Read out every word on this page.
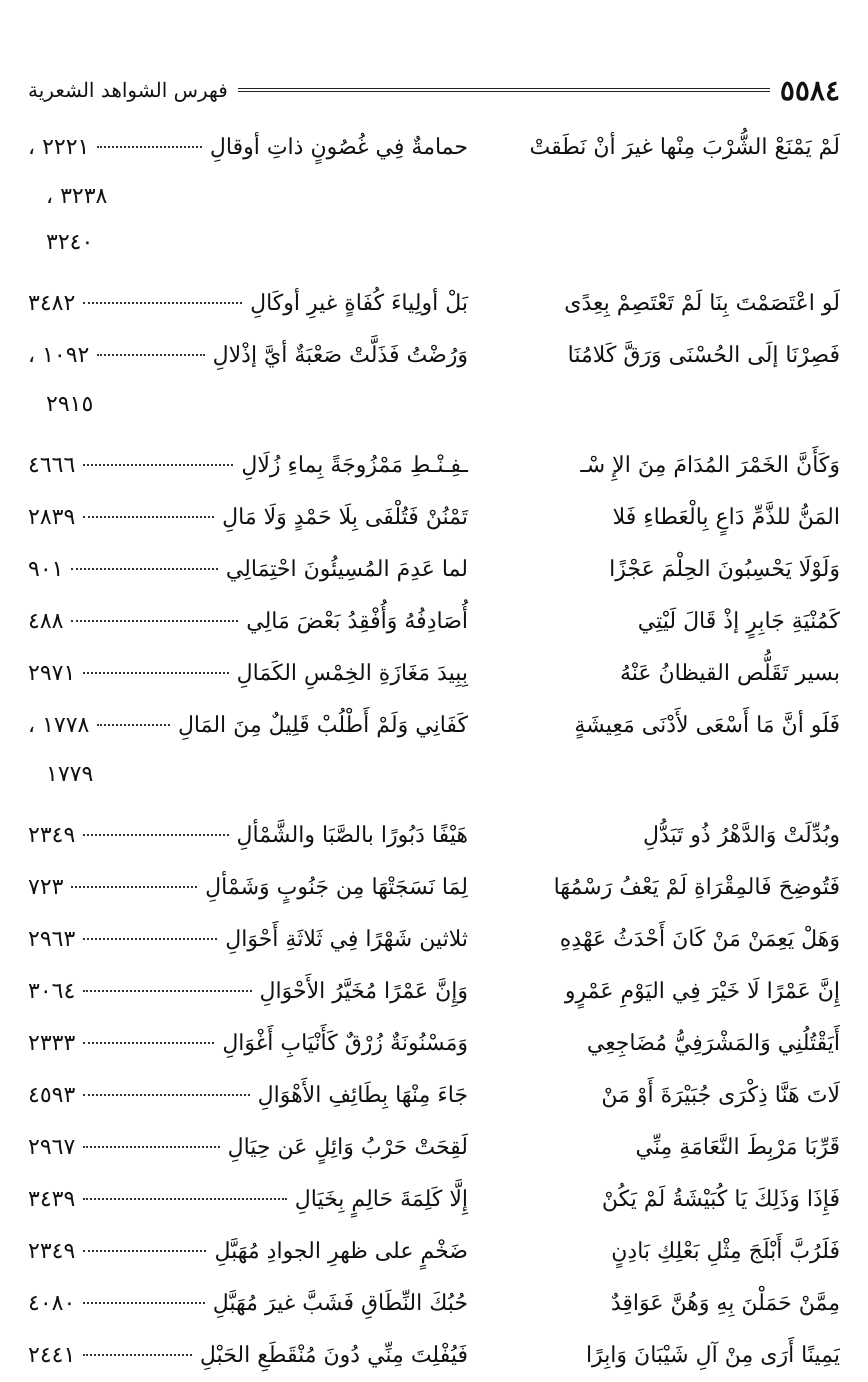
٥٥٨٤
فهرس الشواهد الشعرية
لَمْ يَمْنَعْ الشُّرْبَ مِنْها غيرَ أنْ نَطَقتْ
حمامةٌ فِي غُصُونٍ ذاتِ أوقالِ
٢٢٢١ ،
٣٢٣٨ ،
٣٢٤٠
لَو اعْتَصَمْتَ بِنَا لَمْ تَعْتَصِمْ بِعِدًى
بَلْ أولِياءَ كُفَاةٍ غيرِ أوكَالِ
٣٤٨٢
فَصِرْنَا إلَى الحُسْنَى وَرَقَّ كَلامُنَا
وَرُضْتُ فَذَلَّتْ صَعْبَةٌ أيَّ إذْلالِ
١٠٩٢ ،
٢٩١٥
وَكَأَنَّ الخَمْرَ المُدَامَ مِنَ الإِ سْـ
ـفِـنْـطِ مَمْزُوجَةً بِماءِ زُلَالِ
٤٦٦٦
المَنُّ للذَّمِّ دَاعٍ بِالْعَطاءِ فَلا
تَمْنُنْ فَتُلْفَى بِلَا حَمْدٍ وَلَا مَالِ
٢٨٣٩
وَلَوْلَا يَحْسِبُونَ الحِلْمَ عَجْزًا
لما عَدِمَ المُسِيئُونَ احْتِمَالِي
٩٠١
كَمُنْيَةِ جَابِرٍ إذْ قَالَ لَيْتِي
أُصَادِفُهُ وَأُفْقِدُ بَعْضَ مَالِي
٤٨٨
بسير تَقَلُّص القيظانُ عَنْهُ
بِبِيدَ مَغَازَةِ الخِمْسِ الكَمَالِ
٢٩٧١
فَلَو أنَّ مَا أَسْعَى لأَدْنَى مَعِيشَةٍ
كَفَانِي وَلَمْ أَطْلُبْ قَلِيلٌ مِنَ المَالِ
١٧٧٨ ،
١٧٧٩
وبُدِّلَتْ وَالدَّهْرُ ذُو تَبَدُّلِ
هَيْفًا دَبُورًا بالصَّبَا والشَّمْألِ
٢٣٤٩
فَتُوضِحَ فَالمِقْرَاةِ لَمْ يَعْفُ رَسْمُهَا
لِمَا نَسَجَتْهَا مِن جَنُوبٍ وَشَمْألِ
٧٢٣
وَهَلْ يَعِمَنْ مَنْ كَانَ أَحْدَثُ عَهْدِهِ
ثلاثين شَهْرًا فِي ثَلاثَةِ أَحْوَالِ
٢٩٦٣
إِنَّ عَمْرًا لَا خَيْرَ فِي اليَوْمِ عَمْرٍو
وَإِنَّ عَمْرًا مُخَيَّرُ الأَحْوَالِ
٣٠٦٤
أَيَقْتُلُنِي وَالمَشْرَفِيُّ مُضَاجِعِي
وَمَسْنُونَةٌ زُرْقٌ كَأَنْيَابِ أَغْوَالِ
٢٣٣٣
لَاتَ هَنَّا ذِكْرَى جُبَيْرَةَ أَوْ مَنْ
جَاءَ مِنْهَا بِطَائِفِ الأَهْوَالِ
٤٥٩٣
قَرِّبَا مَرْبِطَ النَّعَامَةِ مِنِّي
لَقِحَتْ حَرْبُ وَائِلٍ عَن حِيَالِ
٢٩٦٧
فَإِذَا وَذَلِكَ يَا كُبَيْشَةُ لَمْ يَكُنْ
إِلَّا كَلِمَةَ حَالِمٍ بِخَيَالِ
٣٤٣٩
فَلَرُبَّ أَبْلَجَ مِثْلِ بَعْلِكِ بَادِنٍ
ضَخْمٍ على ظهرِ الجوادِ مُهَبَّلِ
٢٣٤٩
مِمَّنْ حَمَلْنَ بِهِ وَهُنَّ عَوَاقِدٌ
حُبُكَ النِّطَاقِ فَشَبَّ غيرَ مُهَبَّلِ
٤٠٨٠
يَمِينًا أَرَى مِنْ آلِ شَيْبَانَ وَابِرًا
فَيُفْلِتَ مِنِّي دُونَ مُنْقَطَعِ الحَبْلِ
٢٤٤١
